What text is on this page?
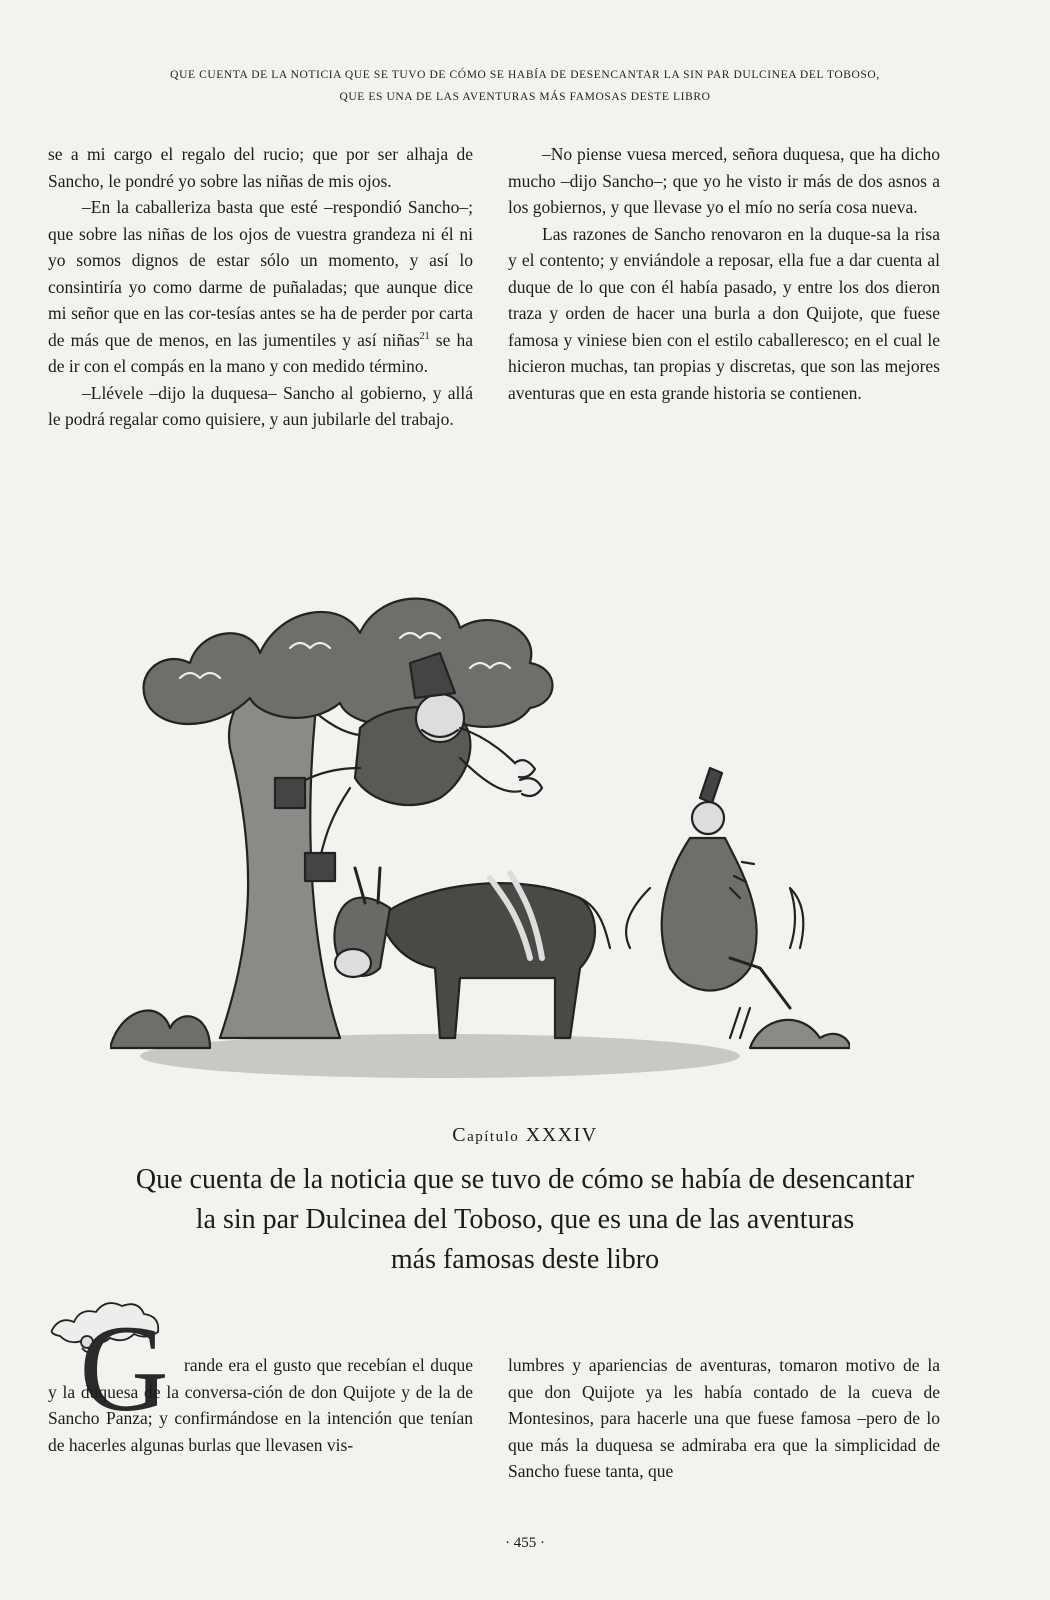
QUE CUENTA DE LA NOTICIA QUE SE TUVO DE CÓMO SE HABÍA DE DESENCANTAR LA SIN PAR DULCINEA DEL TOBOSO,
QUE ES UNA DE LAS AVENTURAS MÁS FAMOSAS DESTE LIBRO

se a mi cargo el regalo del rucio; que por ser alhaja de Sancho, le pondré yo sobre las niñas de mis ojos.

–En la caballeriza basta que esté –respondió Sancho–; que sobre las niñas de los ojos de vuestra grandeza ni él ni yo somos dignos de estar sólo un momento, y así lo consintiría yo como darme de puñaladas; que aunque dice mi señor que en las cor-tesías antes se ha de perder por carta de más que de menos, en las jumentiles y así niñas$^{21}$ se ha de ir con el compás en la mano y con medido término.

–Llévele –dijo la duquesa– Sancho al gobierno, y allá le podrá regalar como quisiere, y aun jubilarle del trabajo.

–No piense vuesa merced, señora duquesa, que ha dicho mucho –dijo Sancho–; que yo he visto ir más de dos asnos a los gobiernos, y que llevase yo el mío no sería cosa nueva.

Las razones de Sancho renovaron en la duque-sa la risa y el contento; y enviándole a reposar, ella fue a dar cuenta al duque de lo que con él había pasado, y entre los dos dieron traza y orden de hacer una burla a don Quijote, que fuese famosa y viniese bien con el estilo caballeresco; en el cual le hicieron muchas, tan propias y discretas, que son las mejores aventuras que en esta grande historia se contienen.

Capítulo XXXIV
Que cuenta de la noticia que se tuvo de cómo se había de desencantar
la sin par Dulcinea del Toboso, que es una de las aventuras
más famosas deste libro
G rande era el gusto que recebían el duque y la duquesa de la conversa-ción de don Quijote y de la de Sancho Panza; y confirmándose en la intención que tenían de hacerles algunas burlas que llevasen vis-

lumbres y apariencias de aventuras, tomaron motivo de la que don Quijote ya les había contado de la cueva de Montesinos, para hacerle una que fuese famosa –pero de lo que más la duquesa se admiraba era que la simplicidad de Sancho fuese tanta, que

· 455 ·
